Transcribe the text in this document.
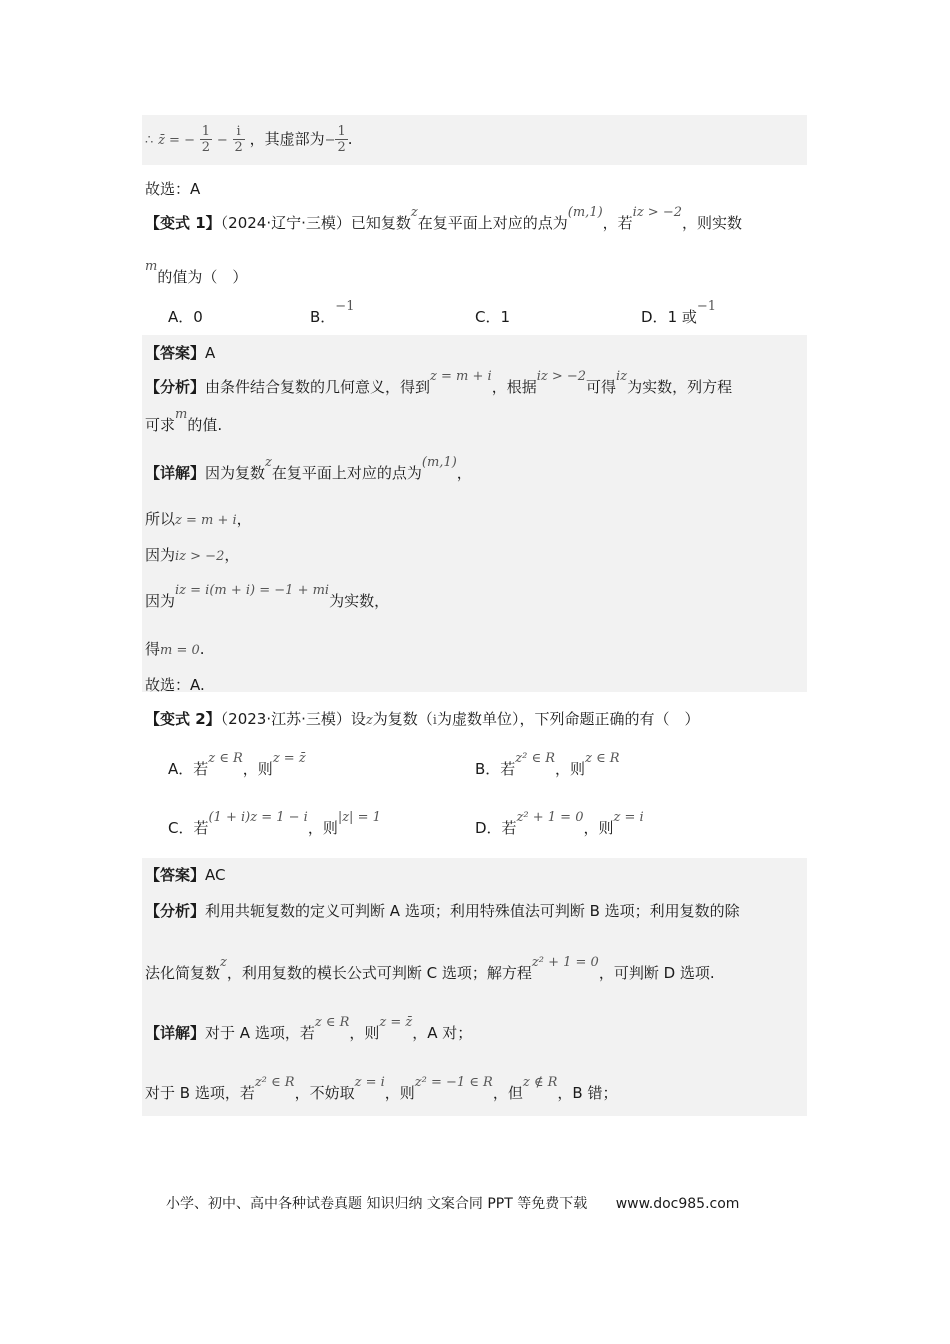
∴ z̄ = − $\frac{1}{2} - \frac{i}{2}$ ，其虚部为− $\frac{1}{2}$ .
故选：A
【变式 1】（2024·辽宁·三模）已知复数z在复平面上对应的点为(m,1)，若iz > −2，则实数
m的值为（　）
A．0	B．−1
C．1	D．1 或−1
【答案】A
【分析】由条件结合复数的几何意义，得到z = m + i，根据iz > −2可得iz为实数，列方程
可求m的值.
【详解】因为复数z在复平面上对应的点为(m,1)，
所以z = m + i，
因为iz > −2，
因为iz = i(m + i) = −1 + mi为实数，
得m = 0.
故选：A.
【变式 2】（2023·江苏·三模）设z为复数（i为虚数单位），下列命题正确的有（　）
A．若z ∈ R，则z = z̄
B．若z² ∈ R，则z ∈ R
C．若(1 + i)z = 1 − i，则|z| = 1
D．若z² + 1 = 0，则z = i
【答案】AC
【分析】利用共轭复数的定义可判断 A 选项；利用特殊值法可判断 B 选项；利用复数的除
法化简复数z，利用复数的模长公式可判断 C 选项；解方程z² + 1 = 0，可判断 D 选项.
【详解】对于 A 选项，若z ∈ R，则z = z̄，A 对；
对于 B 选项，若z² ∈ R，不妨取z = i，则z² = −1 ∈ R，但z ∉ R，B 错；
小学、初中、高中各种试卷真题 知识归纳 文案合同 PPT 等免费下载 www.doc985.com
